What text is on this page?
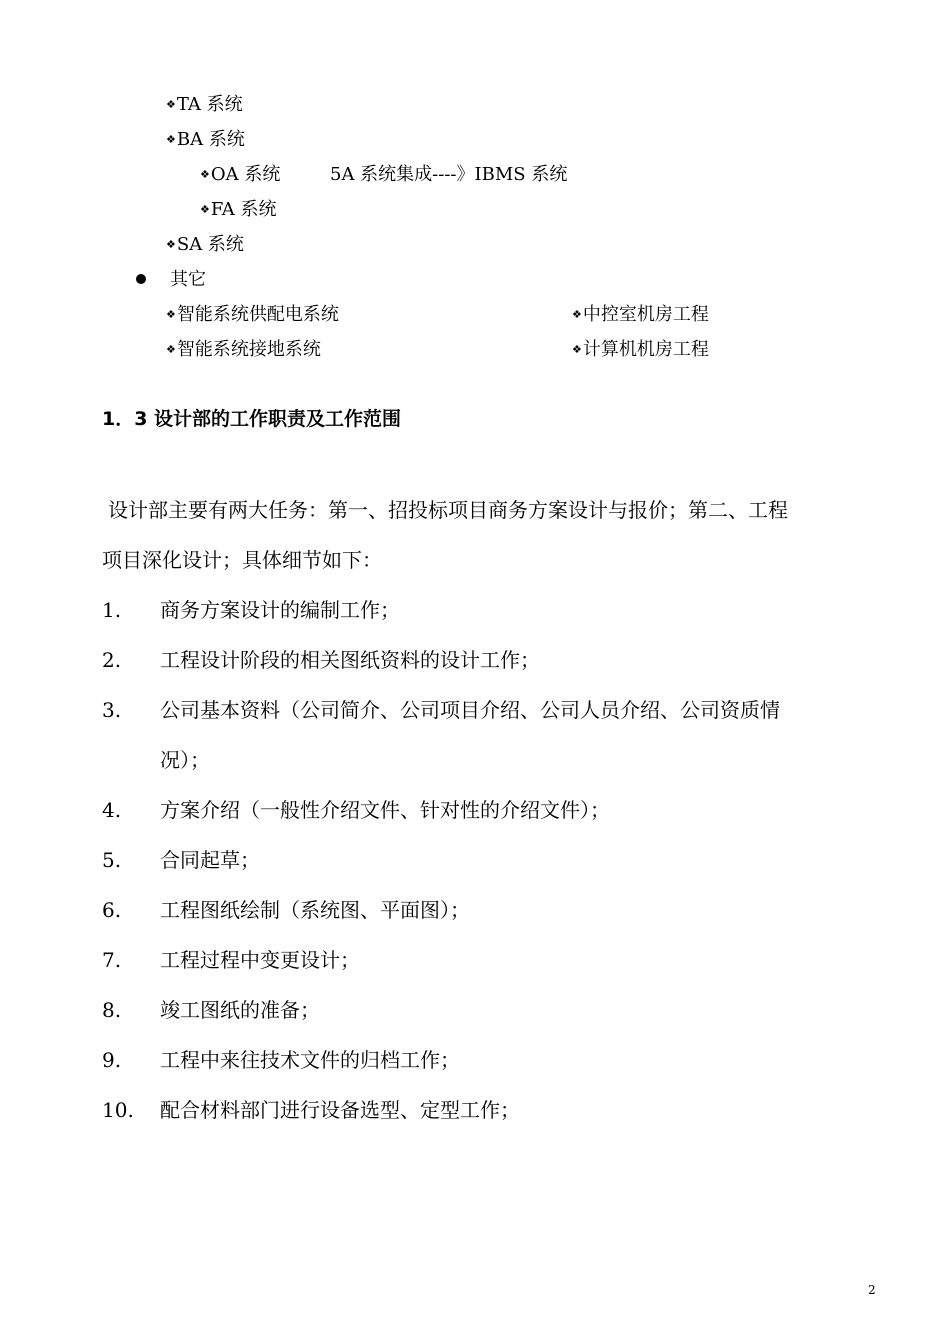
❖TA 系统
❖BA 系统
❖OA 系统	5A 系统集成----》IBMS 系统
❖FA 系统
❖SA 系统
其它
❖智能系统供配电系统	❖中控室机房工程
❖智能系统接地系统	❖计算机机房工程
1．3 设计部的工作职责及工作范围
设计部主要有两大任务：第一、招投标项目商务方案设计与报价；第二、工程
项目深化设计；具体细节如下：
1. 商务方案设计的编制工作；
2. 工程设计阶段的相关图纸资料的设计工作；
3. 公司基本资料（公司简介、公司项目介绍、公司人员介绍、公司资质情
况）；
4. 方案介绍（一般性介绍文件、针对性的介绍文件）；
5. 合同起草；
6. 工程图纸绘制（系统图、平面图）；
7. 工程过程中变更设计；
8. 竣工图纸的准备；
9. 工程中来往技术文件的归档工作；
10. 配合材料部门进行设备选型、定型工作；
2
